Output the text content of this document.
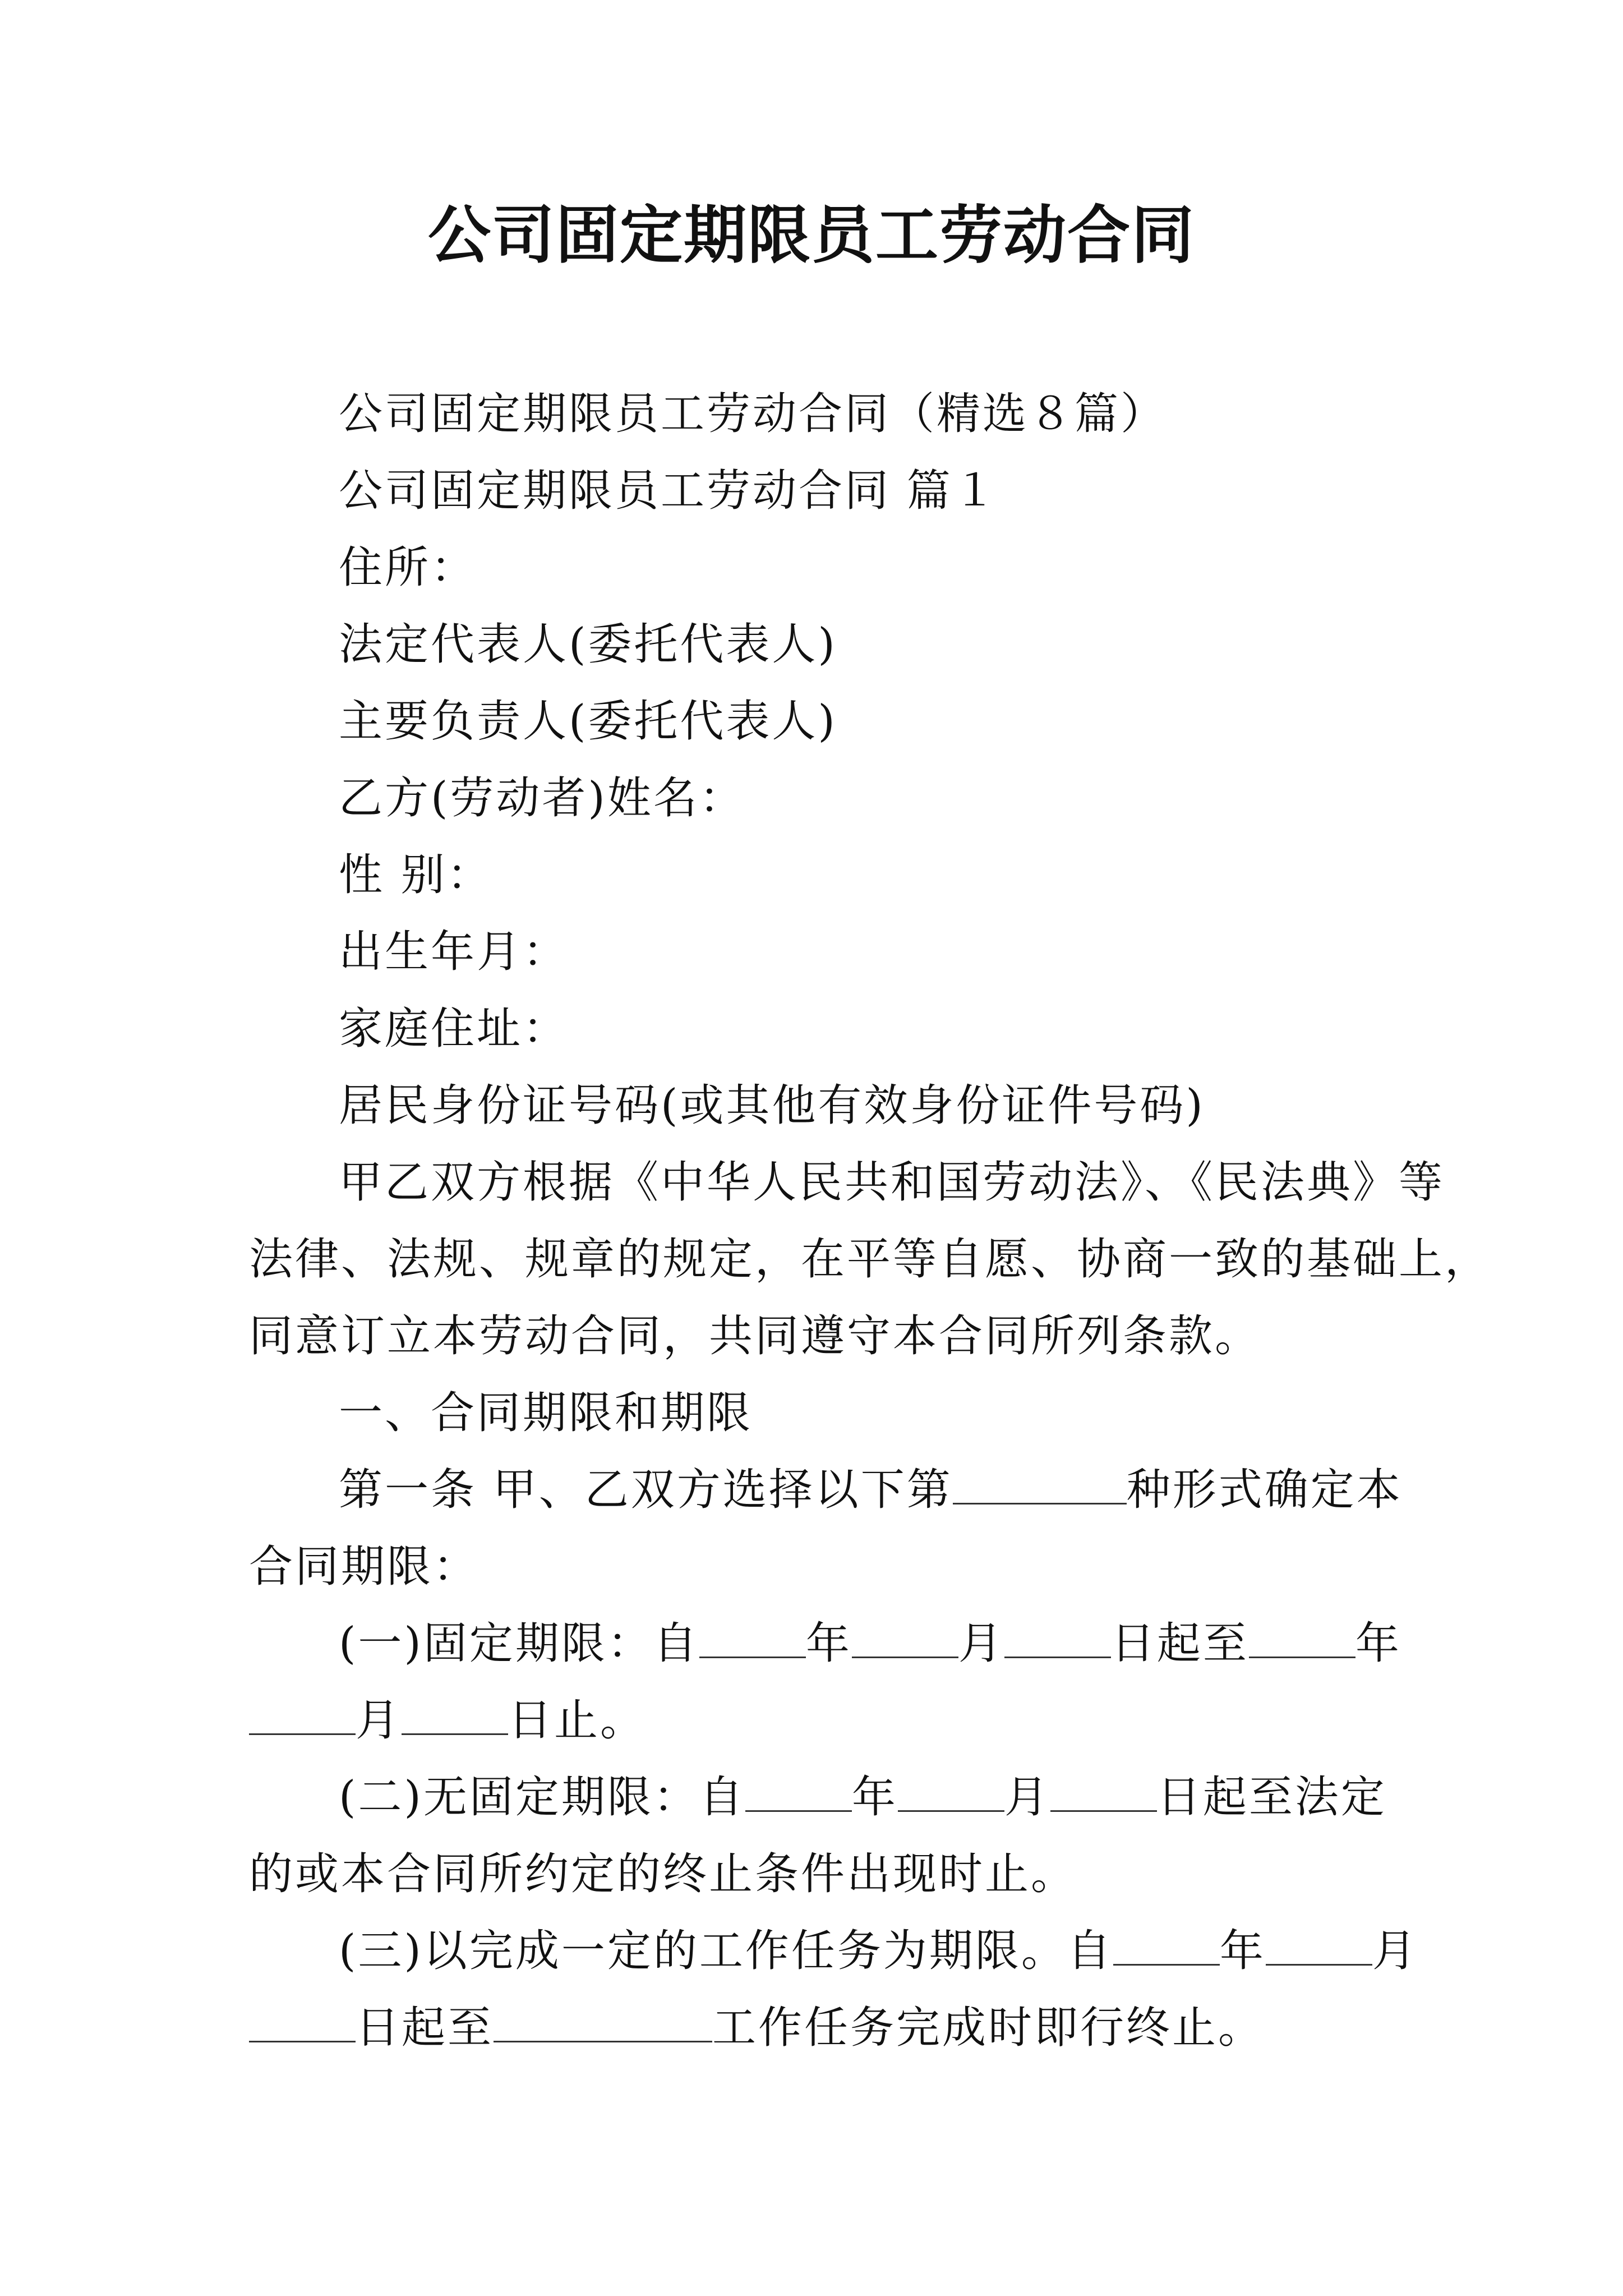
公司固定期限员工劳动合同
公司固定期限员工劳动合同（精选８篇）
公司固定期限员工劳动合同 篇１
住所：
法定代表人(委托代表人)
主要负责人(委托代表人)
乙方(劳动者)姓名：
性 别：
出生年月：
家庭住址：
居民身份证号码(或其他有效身份证件号码)
甲乙双方根据《中华人民共和国劳动法》、《民法典》等
法律、法规、规章的规定，在平等自愿、协商一致的基础上，
同意订立本劳动合同，共同遵守本合同所列条款。
一、合同期限和期限
第一条 甲、乙双方选择以下第	种形式确定本
合同期限：
(一)固定期限：自 年 月 日起至 年
月 日止。
(二)无固定期限：自 年 月 日起至法定
的或本合同所约定的终止条件出现时止。
(三)以完成一定的工作任务为期限。自 年 月
日起至	工作任务完成时即行终止。
